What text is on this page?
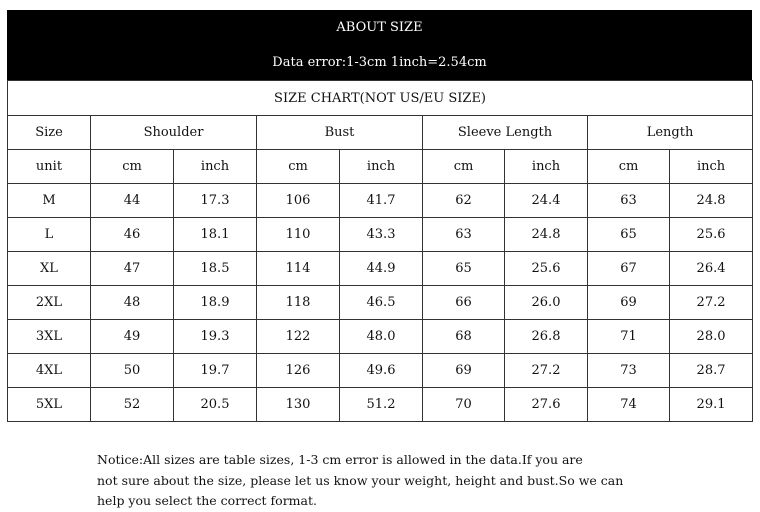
ABOUT SIZE
Data error:1-3cm 1inch=2.54cm
SIZE CHART(NOT US/EU SIZE)								
Size	Shoulder		Bust		Sleeve Length		Length	
unit	cm	inch	cm	inch	cm	inch	cm	inch
M	44	17.3	106	41.7	62	24.4	63	24.8
L	46	18.1	110	43.3	63	24.8	65	25.6
XL	47	18.5	114	44.9	65	25.6	67	26.4
2XL	48	18.9	118	46.5	66	26.0	69	27.2
3XL	49	19.3	122	48.0	68	26.8	71	28.0
4XL	50	19.7	126	49.6	69	27.2	73	28.7
5XL	52	20.5	130	51.2	70	27.6	74	29.1
Notice:All sizes are table sizes, 1-3 cm error is allowed in the data.If you are
not sure about the size, please let us know your weight, height and bust.So we can
help you select the correct format.
